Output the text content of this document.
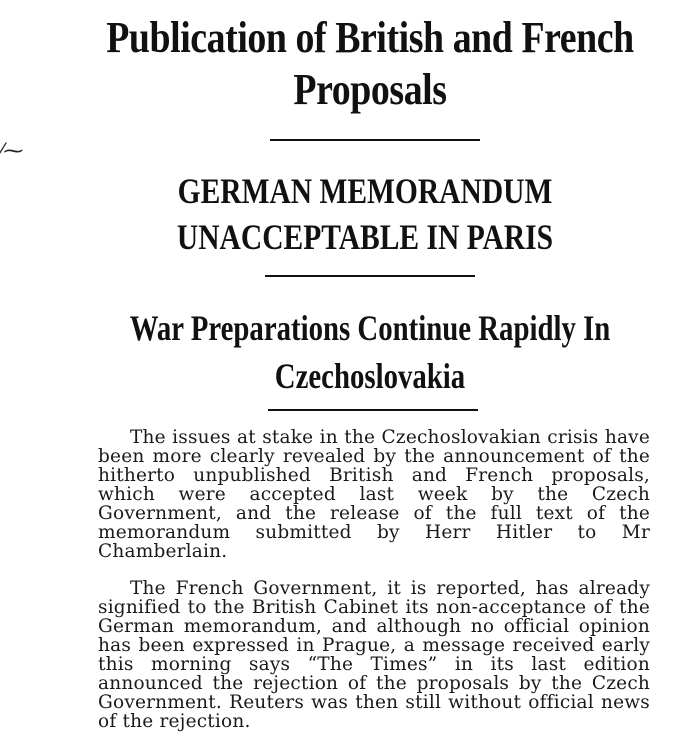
⁄⁓
Publication of British and French Proposals
GERMAN MEMORANDUM UNACCEPTABLE IN PARIS
War Preparations Continue Rapidly In Czechoslovakia

The issues at stake in the Czechoslovakian crisis have been more clearly revealed by the announcement of the hitherto unpublished British and French proposals, which were accepted last week by the Czech Government, and the release of the full text of the memorandum submitted by Herr Hitler to Mr Chamberlain.

The French Government, it is reported, has already signified to the British Cabinet its non-acceptance of the German memorandum, and although no official opinion has been expressed in Prague, a message received early this morning says “The Times” in its last edition announced the rejection of the proposals by the Czech Government. Reuters was then still without official news of the rejection.
